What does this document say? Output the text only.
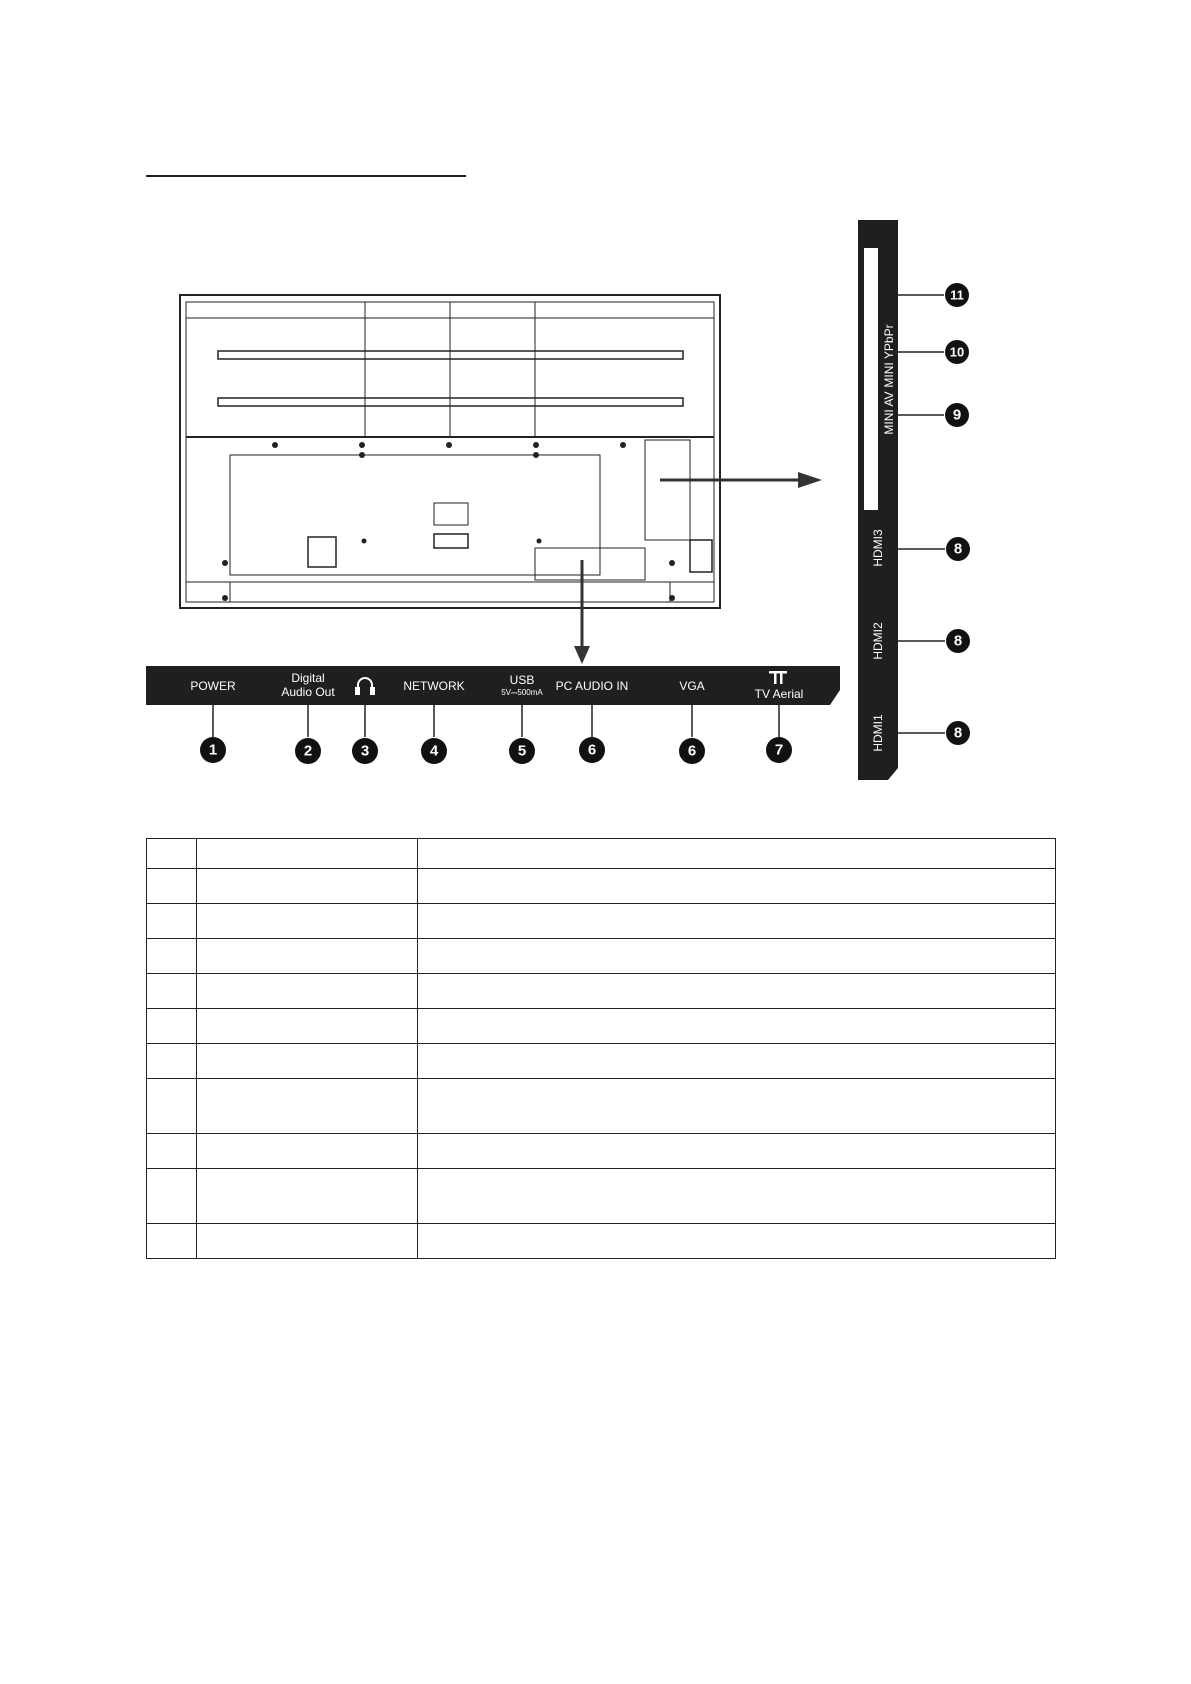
POWER
Digital
Audio Out	NETWORK	USB
5V⎓500mA PC AUDIO IN	VGA
TV Aerial
1	2	3	4	5	6	6	7
CI MINI YPbPr
MINI AV
HDMI3
HDMI2
HDMI1
11
10
9
8
8
8
